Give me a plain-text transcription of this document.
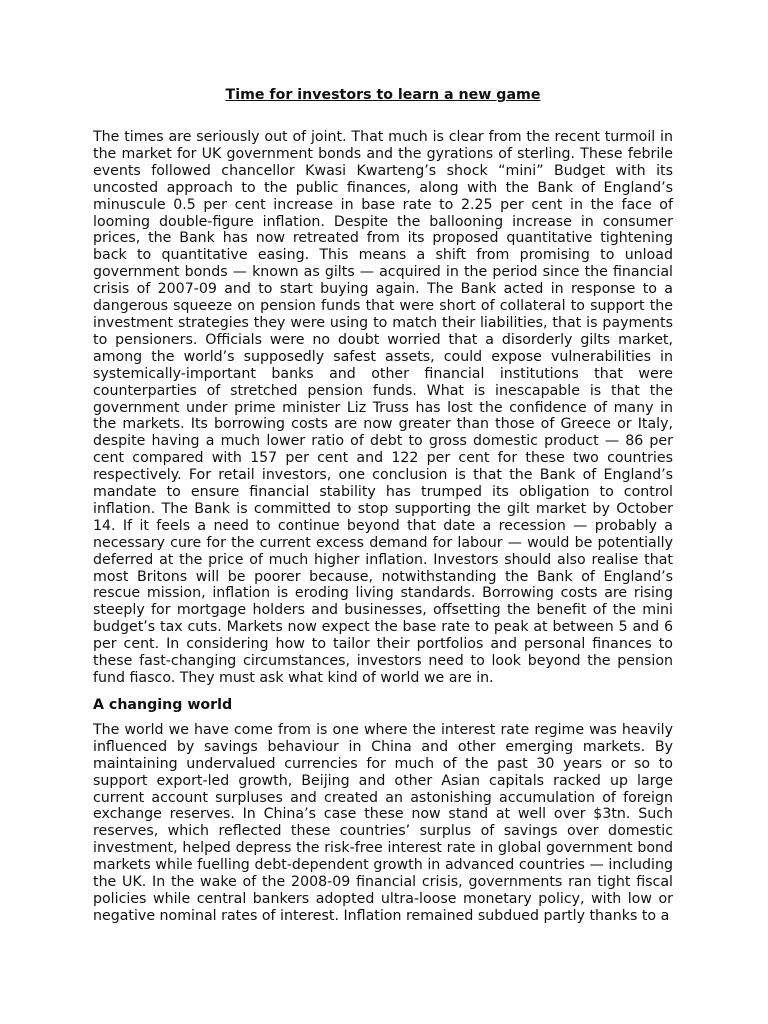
Time for investors to learn a new game

The times are seriously out of joint. That much is clear from the recent turmoil in the market for UK government bonds and the gyrations of sterling. These febrile events followed chancellor Kwasi Kwarteng’s shock “mini” Budget with its uncosted approach to the public finances, along with the Bank of England’s minuscule 0.5 per cent increase in base rate to 2.25 per cent in the face of looming double-figure inflation. Despite the ballooning increase in consumer prices, the Bank has now retreated from its proposed quantitative tightening back to quantitative easing. This means a shift from promising to unload government bonds — known as gilts — acquired in the period since the financial crisis of 2007-09 and to start buying again. The Bank acted in response to a dangerous squeeze on pension funds that were short of collateral to support the investment strategies they were using to match their liabilities, that is payments to pensioners. Officials were no doubt worried that a disorderly gilts market, among the world’s supposedly safest assets, could expose vulnerabilities in systemically-important banks and other financial institutions that were counterparties of stretched pension funds. What is inescapable is that the government under prime minister Liz Truss has lost the confidence of many in the markets. Its borrowing costs are now greater than those of Greece or Italy, despite having a much lower ratio of debt to gross domestic product — 86 per cent compared with 157 per cent and 122 per cent for these two countries respectively. For retail investors, one conclusion is that the Bank of England’s mandate to ensure financial stability has trumped its obligation to control inflation. The Bank is committed to stop supporting the gilt market by October 14. If it feels a need to continue beyond that date a recession — probably a necessary cure for the current excess demand for labour — would be potentially deferred at the price of much higher inflation. Investors should also realise that most Britons will be poorer because, notwithstanding the Bank of England’s rescue mission, inflation is eroding living standards. Borrowing costs are rising steeply for mortgage holders and businesses, offsetting the benefit of the mini budget’s tax cuts. Markets now expect the base rate to peak at between 5 and 6 per cent. In considering how to tailor their portfolios and personal finances to these fast-changing circumstances, investors need to look beyond the pension fund fiasco. They must ask what kind of world we are in.

A changing world

The world we have come from is one where the interest rate regime was heavily influenced by savings behaviour in China and other emerging markets. By maintaining undervalued currencies for much of the past 30 years or so to support export-led growth, Beijing and other Asian capitals racked up large current account surpluses and created an astonishing accumulation of foreign exchange reserves. In China’s case these now stand at well over $3tn. Such reserves, which reflected these countries’ surplus of savings over domestic investment, helped depress the risk-free interest rate in global government bond markets while fuelling debt-dependent growth in advanced countries — including the UK. In the wake of the 2008-09 financial crisis, governments ran tight fiscal policies while central bankers adopted ultra-loose monetary policy, with low or negative nominal rates of interest. Inflation remained subdued partly thanks to a
